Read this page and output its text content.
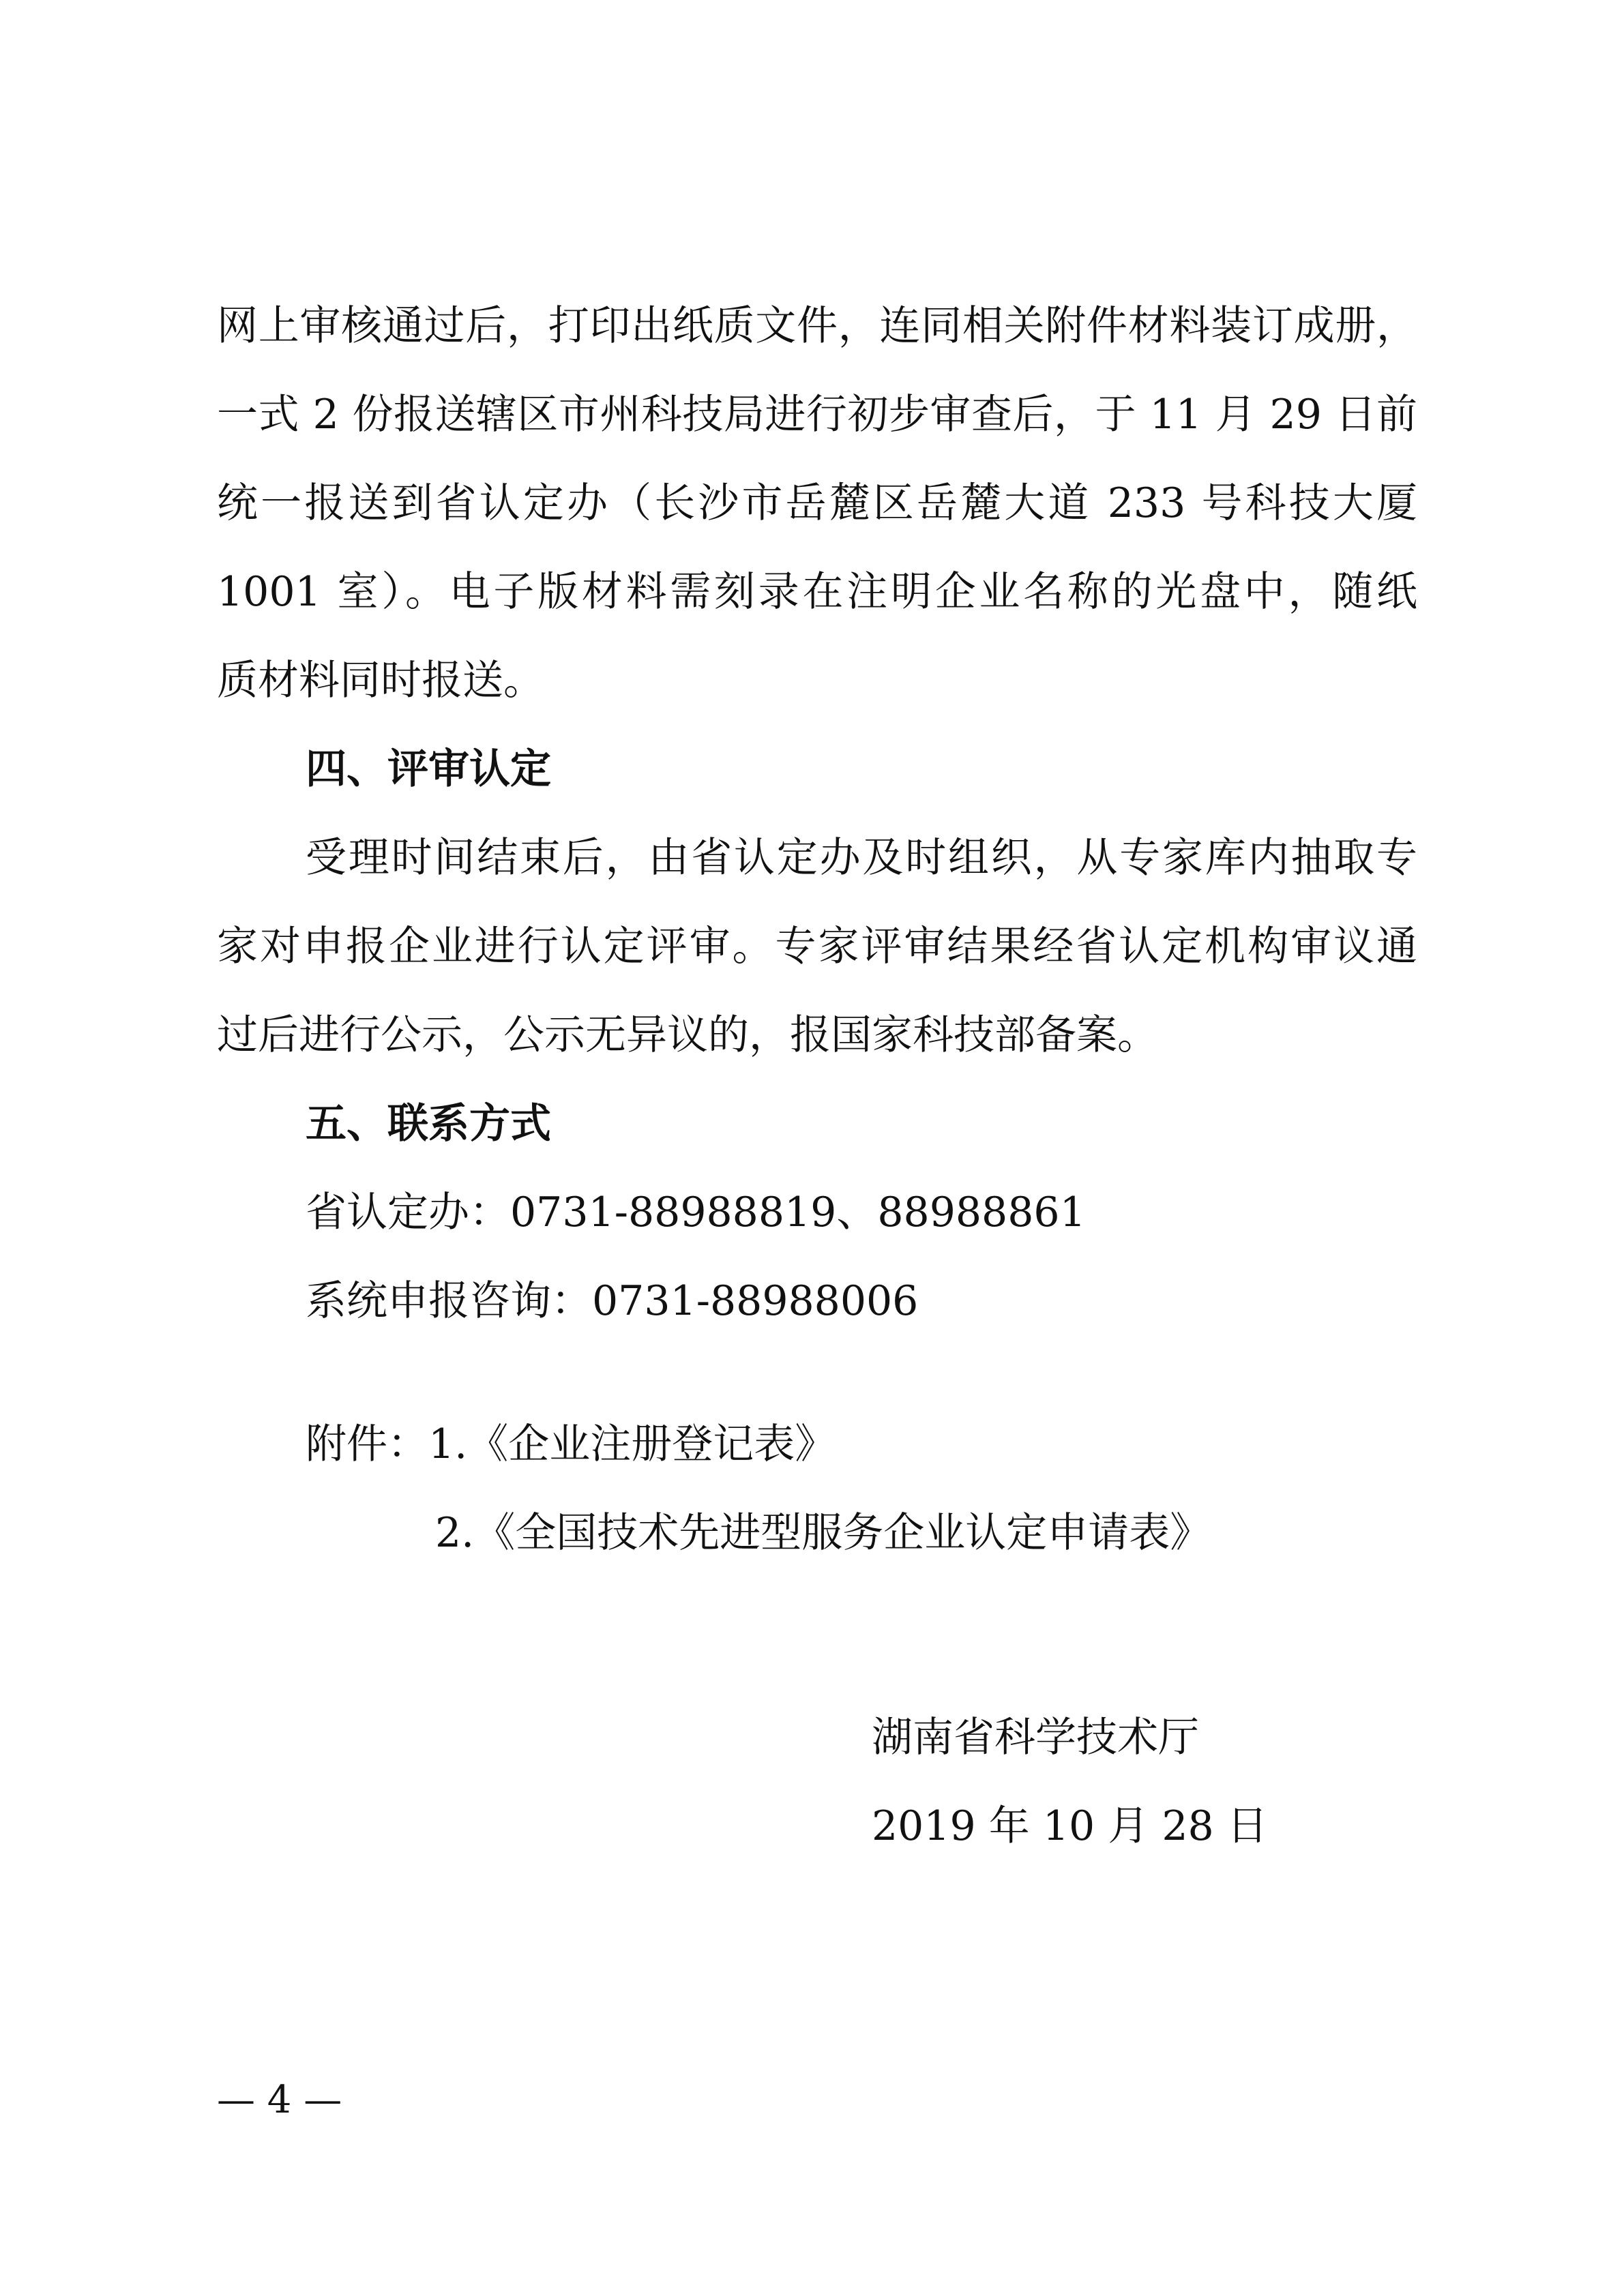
网上审核通过后，打印出纸质文件，连同相关附件材料装订成册，
一式 2 份报送辖区市州科技局进行初步审查后，于 11 月 29 日前
统一报送到省认定办（长沙市岳麓区岳麓大道 233 号科技大厦
1001 室）。电子版材料需刻录在注明企业名称的光盘中，随纸
质材料同时报送。
四、评审认定
受理时间结束后，由省认定办及时组织，从专家库内抽取专
家对申报企业进行认定评审。专家评审结果经省认定机构审议通
过后进行公示，公示无异议的，报国家科技部备案。
五、联系方式
省认定办：0731-88988819、88988861
系统申报咨询：0731-88988006
附件：1.《企业注册登记表》
2.《全国技术先进型服务企业认定申请表》
湖南省科学技术厅
2019 年 10 月 28 日
— 4 —
